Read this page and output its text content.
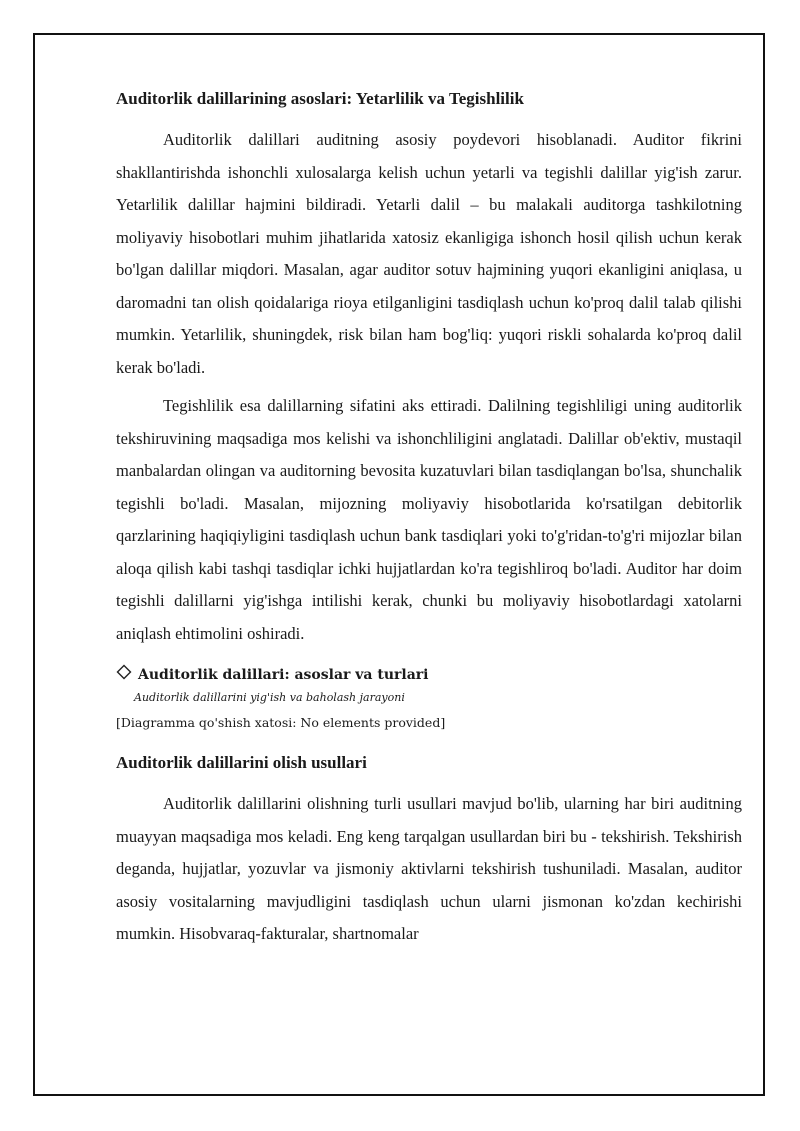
Auditorlik dalillarining asoslari: Yetarlilik va Tegishlilik

Auditorlik dalillari auditning asosiy poydevori hisoblanadi. Auditor fikrini shakllantirishda ishonchli xulosalarga kelish uchun yetarli va tegishli dalillar yig'ish zarur. Yetarlilik dalillar hajmini bildiradi. Yetarli dalil – bu malakali auditorga tashkilotning moliyaviy hisobotlari muhim jihatlarida xatosiz ekanligiga ishonch hosil qilish uchun kerak bo'lgan dalillar miqdori. Masalan, agar auditor sotuv hajmining yuqori ekanligini aniqlasa, u daromadni tan olish qoidalariga rioya etilganligini tasdiqlash uchun ko'proq dalil talab qilishi mumkin. Yetarlilik, shuningdek, risk bilan ham bog'liq: yuqori riskli sohalarda ko'proq dalil kerak bo'ladi.

Tegishlilik esa dalillarning sifatini aks ettiradi. Dalilning tegishliligi uning auditorlik tekshiruvining maqsadiga mos kelishi va ishonchliligini anglatadi. Dalillar ob'ektiv, mustaqil manbalardan olingan va auditorning bevosita kuzatuvlari bilan tasdiqlangan bo'lsa, shunchalik tegishli bo'ladi. Masalan, mijozning moliyaviy hisobotlarida ko'rsatilgan debitorlik qarzlarining haqiqiyligini tasdiqlash uchun bank tasdiqlari yoki to'g'ridan-to'g'ri mijozlar bilan aloqa qilish kabi tashqi tasdiqlar ichki hujjatlardan ko'ra tegishliroq bo'ladi. Auditor har doim tegishli dalillarni yig'ishga intilishi kerak, chunki bu moliyaviy hisobotlardagi xatolarni aniqlash ehtimolini oshiradi.

Auditorlik dalillari: asoslar va turlari
Auditorlik dalillarini yig'ish va baholash jarayoni
[Diagramma qo'shish xatosi: No elements provided]
Auditorlik dalillarini olish usullari

Auditorlik dalillarini olishning turli usullari mavjud bo'lib, ularning har biri auditning muayyan maqsadiga mos keladi. Eng keng tarqalgan usullardan biri bu - tekshirish. Tekshirish deganda, hujjatlar, yozuvlar va jismoniy aktivlarni tekshirish tushuniladi. Masalan, auditor asosiy vositalarning mavjudligini tasdiqlash uchun ularni jismonan ko'zdan kechirishi mumkin. Hisobvaraq-fakturalar, shartnomalar
